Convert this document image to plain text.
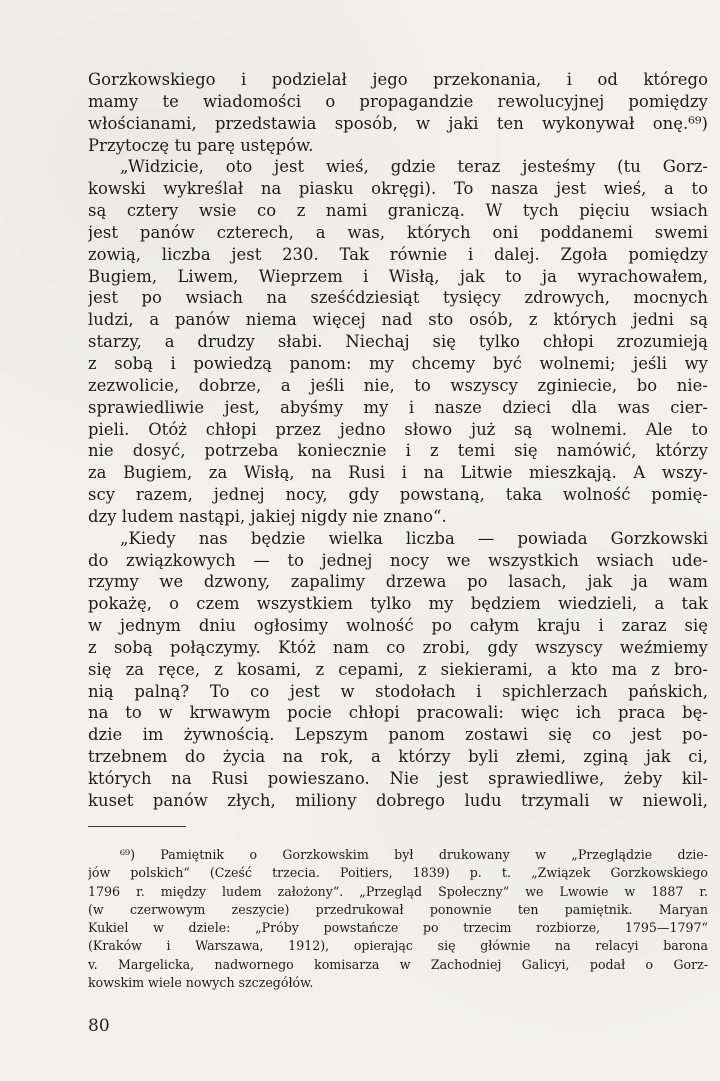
Gorzkowskiego i podzielał jego przekonania, i od którego
mamy te wiadomości o propagandzie rewolucyjnej pomiędzy
włościanami, przedstawia sposób, w jaki ten wykonywał onę.⁶⁹)
Przytoczę tu parę ustępów.
„Widzicie, oto jest wieś, gdzie teraz jesteśmy (tu Gorz-
kowski wykreślał na piasku okręgi). To nasza jest wieś, a to
są cztery wsie co z nami graniczą. W tych pięciu wsiach
jest panów czterech, a was, których oni poddanemi swemi
zowią, liczba jest 230. Tak równie i dalej. Zgoła pomiędzy
Bugiem, Liwem, Wieprzem i Wisłą, jak to ja wyrachowałem,
jest po wsiach na sześćdziesiąt tysięcy zdrowych, mocnych
ludzi, a panów niema więcej nad sto osób, z których jedni są
starzy, a drudzy słabi. Niechaj się tylko chłopi zrozumieją
z sobą i powiedzą panom: my chcemy być wolnemi; jeśli wy
zezwolicie, dobrze, a jeśli nie, to wszyscy zginiecie, bo nie-
sprawiedliwie jest, abyśmy my i nasze dzieci dla was cier-
pieli. Otóż chłopi przez jedno słowo już są wolnemi. Ale to
nie dosyć, potrzeba koniecznie i z temi się namówić, którzy
za Bugiem, za Wisłą, na Rusi i na Litwie mieszkają. A wszy-
scy razem, jednej nocy, gdy powstaną, taka wolność pomię-
dzy ludem nastąpi, jakiej nigdy nie znano“.
„Kiedy nas będzie wielka liczba — powiada Gorzkowski
do związkowych — to jednej nocy we wszystkich wsiach ude-
rzymy we dzwony, zapalimy drzewa po lasach, jak ja wam
pokażę, o czem wszystkiem tylko my będziem wiedzieli, a tak
w jednym dniu ogłosimy wolność po całym kraju i zaraz się
z sobą połączymy. Któż nam co zrobi, gdy wszyscy weźmiemy
się za ręce, z kosami, z cepami, z siekierami, a kto ma z bro-
nią palną? To co jest w stodołach i spichlerzach pańskich,
na to w krwawym pocie chłopi pracowali: więc ich praca bę-
dzie im żywnością. Lepszym panom zostawi się co jest po-
trzebnem do życia na rok, a którzy byli złemi, zginą jak ci,
których na Rusi powieszano. Nie jest sprawiedliwe, żeby kil-
kuset panów złych, miliony dobrego ludu trzymali w niewoli,
⁶⁹) Pamiętnik o Gorzkowskim był drukowany w „Przeglądzie dzie-
jów polskich“ (Cześć trzecia. Poitiers, 1839) p. t. „Związek Gorzkowskiego
1796 r. między ludem założony“. „Przegląd Społeczny“ we Lwowie w 1887 r.
(w czerwowym zeszycie) przedrukował ponownie ten pamiętnik. Maryan
Kukiel w dziele: „Próby powstańcze po trzecim rozbiorze, 1795—1797“
(Kraków i Warszawa, 1912), opierając się głównie na relacyi barona
v. Margelicka, nadwornego komisarza w Zachodniej Galicyi, podał o Gorz-
kowskim wiele nowych szczegółów.
80
